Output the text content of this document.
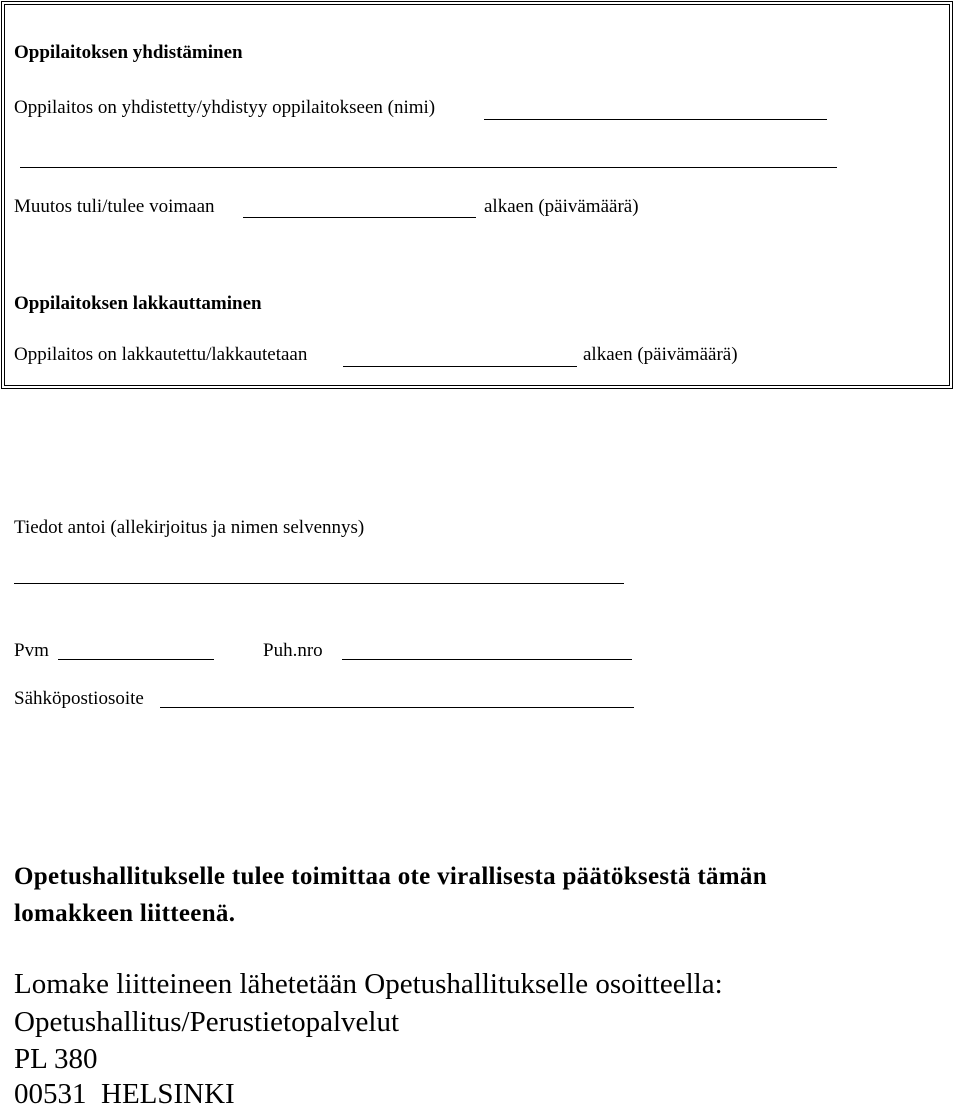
Oppilaitoksen yhdistäminen
Oppilaitos on yhdistetty/yhdistyy oppilaitokseen (nimi)
Muutos tuli/tulee voimaan	alkaen (päivämäärä)
Oppilaitoksen lakkauttaminen
Oppilaitos on lakkautettu/lakkautetaan	alkaen (päivämäärä)
Tiedot antoi (allekirjoitus ja nimen selvennys)
Pvm	Puh.nro
Sähköpostiosoite
Opetushallitukselle tulee toimittaa ote virallisesta päätöksestä tämän
lomakkeen liitteenä.
Lomake liitteineen lähetetään Opetushallitukselle osoitteella:
Opetushallitus/Perustietopalvelut
PL 380
00531  HELSINKI
